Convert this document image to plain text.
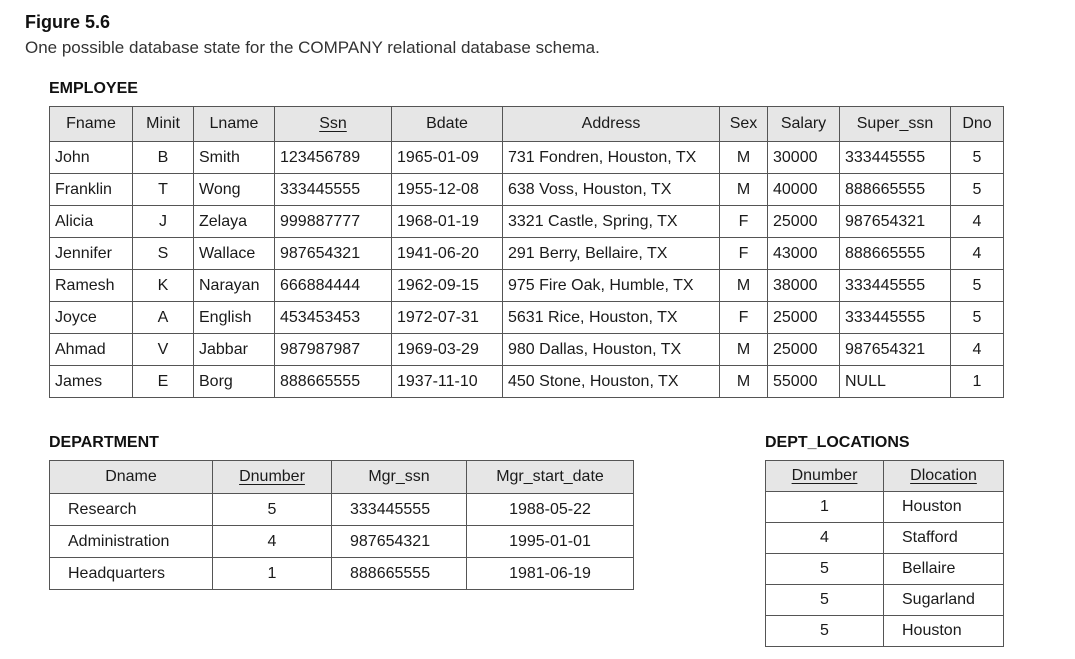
Figure 5.6
One possible database state for the COMPANY relational database schema.
EMPLOYEE
Fname	Minit	Lname	Ssn	Bdate	Address	Sex	Salary	Super_ssn	Dno
John	B	Smith	123456789	1965-01-09	731 Fondren, Houston, TX	M	30000	333445555	5
Franklin	T	Wong	333445555	1955-12-08	638 Voss, Houston, TX	M	40000	888665555	5
Alicia	J	Zelaya	999887777	1968-01-19	3321 Castle, Spring, TX	F	25000	987654321	4
Jennifer	S	Wallace	987654321	1941-06-20	291 Berry, Bellaire, TX	F	43000	888665555	4
Ramesh	K	Narayan	666884444	1962-09-15	975 Fire Oak, Humble, TX	M	38000	333445555	5
Joyce	A	English	453453453	1972-07-31	5631 Rice, Houston, TX	F	25000	333445555	5
Ahmad	V	Jabbar	987987987	1969-03-29	980 Dallas, Houston, TX	M	25000	987654321	4
James	E	Borg	888665555	1937-11-10	450 Stone, Houston, TX	M	55000	NULL	1
DEPARTMENT
Dname	Dnumber	Mgr_ssn	Mgr_start_date
Research	5	333445555	1988-05-22
Administration	4	987654321	1995-01-01
Headquarters	1	888665555	1981-06-19
DEPT_LOCATIONS
Dnumber	Dlocation
1	Houston
4	Stafford
5	Bellaire
5	Sugarland
5	Houston
